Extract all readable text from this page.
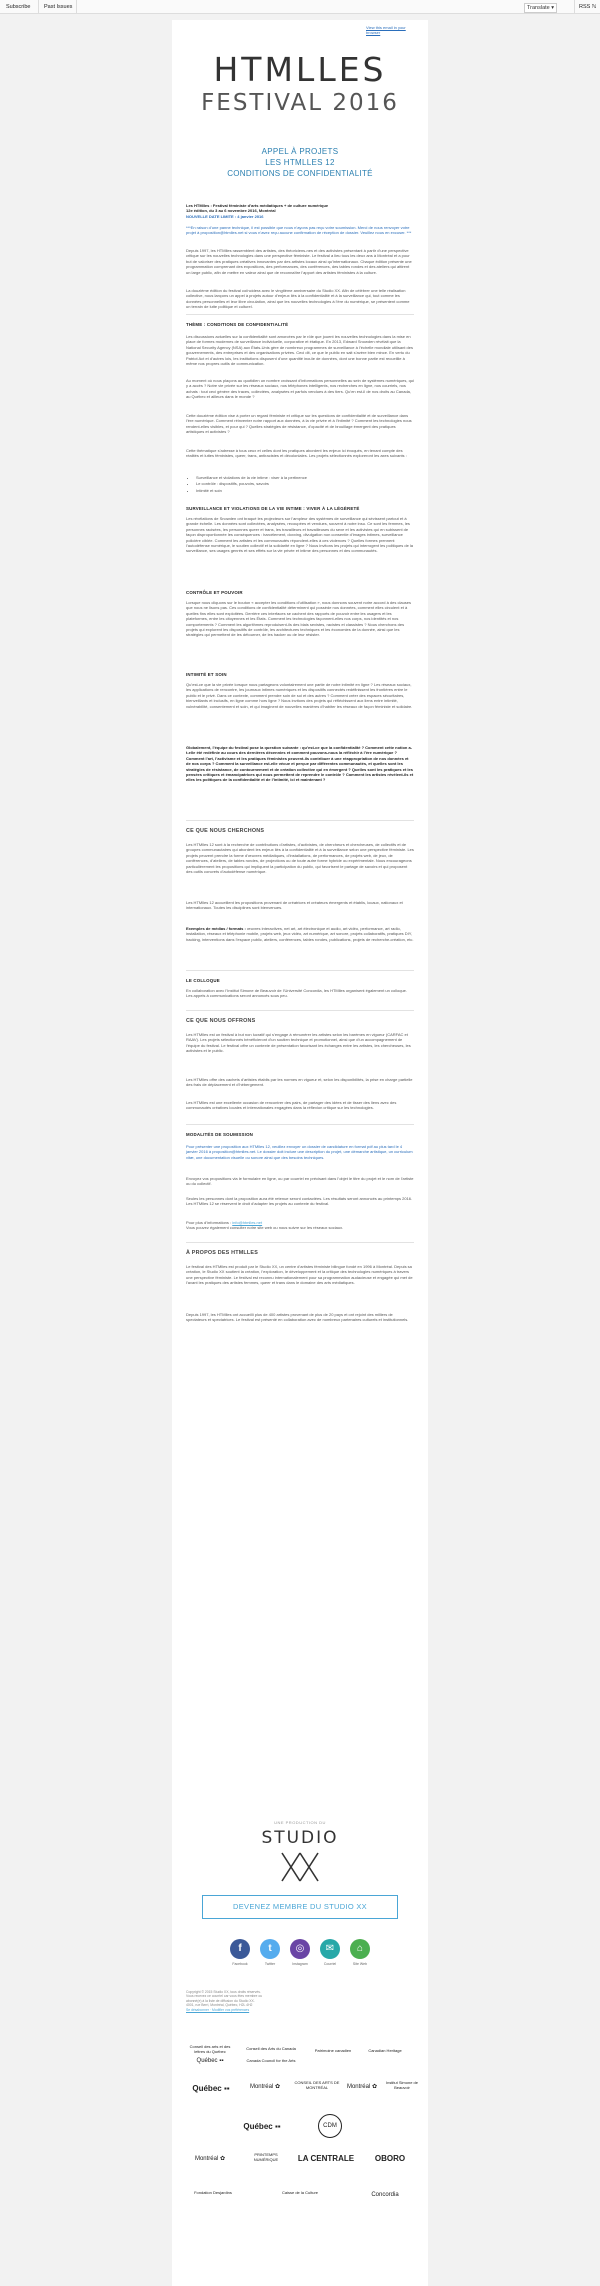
Subscribe Past Issues	Translate ▾	RSS ℕ
View this email in your browser
HTMLLES
FESTIVAL 2016
APPEL À PROJETS
LES HTMLLES 12
CONDITIONS DE CONFIDENTIALITÉ
Les HTMlles : Festival féministe d’arts médiatiques + de culture numérique
12e édition, du 3 au 6 novembre 2016, Montréal
NOUVELLE DATE LIMITE : 4 janvier 2016
***En raison d’une panne technique, il est possible que nous n’ayons pas reçu votre soumission. Merci de nous renvoyer votre projet à proposition@htmlles.net si vous n’avez reçu aucune confirmation de réception de dossier. Veuillez nous en excuser. ***
Depuis 1997, les HTMlles rassemblent des artistes, des théoriciens-nes et des activistes présentant à partir d’une perspective critique sur les nouvelles technologies dans une perspective féministe. Le festival a lieu tous les deux ans à Montréal et a pour but de valoriser des pratiques créatives innovantes par des artistes locaux ainsi qu’internationaux. Chaque édition présente une programmation comprenant des expositions, des performances, des conférences, des tables rondes et des ateliers qui attirent un large public, afin de mettre en valeur ainsi que de reconnaître l’apport des artistes féministes à la culture.
La douzième édition du festival coïncidera avec le vingtième anniversaire du Studio XX. Afin de célébrer une telle réalisation collective, nous lançons un appel à projets autour d’enjeux liés à la confidentialité et à la surveillance qui, tout comme les données personnelles et leur libre circulation, ainsi que les nouvelles technologies à l’ère du numérique, se présentent comme un terrain de lutte politique et culturel.
THÈME : CONDITIONS DE CONFIDENTIALITÉ
Les discussions actuelles sur la confidentialité sont amorcées par le rôle que jouent les nouvelles technologies dans la mise en place de formes modernes de surveillance individuelle, corporative et étatique. En 2013, Edward Snowden révélait que la National Security Agency (NSA) aux États-Unis gère de nombreux programmes de surveillance à l’échelle mondiale utilisant des gouvernements, des entreprises et des organisations privées. Ceci dit, ce que le public en sait s’avère bien mince. En vertu du Patriot Act et d’autres lois, les institutions disposent d’une quantité inouïe de données, dont une bonne partie est recueillie à même nos propres outils de communication.
Au moment où nous plaçons au quotidien un nombre croissant d’informations personnelles au sein de systèmes numériques, qui y a accès ? Notre vie privée sur les réseaux sociaux, nos téléphones intelligents, nos recherches en ligne, nos courriels, nos achats : tout ceci génère des traces, collectées, analysées et parfois vendues à des tiers. Qu’en est-il de nos droits au Canada, au Québec et ailleurs dans le monde ?
Cette douzième édition vise à porter un regard féministe et critique sur les questions de confidentialité et de surveillance dans l’ère numérique. Comment réinventer notre rapport aux données, à la vie privée et à l’intimité ? Comment les technologies nous rendent-elles visibles, et pour qui ? Quelles stratégies de résistance, d’opacité et de brouillage émergent des pratiques artistiques et activistes ?
Cette thématique s’adresse à tous ceux et celles dont les pratiques abordent les enjeux ici évoqués, en tenant compte des réalités et luttes féministes, queer, trans, antiracistes et décoloniales. Les projets sélectionnés exploreront les axes suivants :
• Surveillance et violations de la vie intime : viser à la pertinence
• Le contrôle : dispositifs, pouvoirs, savoirs
• Intimité et soin
SURVEILLANCE ET VIOLATIONS DE LA VIE INTIME : VIVER À LA LÉGÈRETÉ
Les révélations de Snowden ont braqué les projecteurs sur l’ampleur des systèmes de surveillance qui sévissent partout et à grande échelle. Les données sont collectées, analysées, recoupées et vendues, souvent à notre insu. Ce sont les femmes, les personnes racisées, les personnes queer et trans, les travailleurs et travailleuses du sexe et les activistes qui en subissent de façon disproportionnée les conséquences : harcèlement, doxxing, divulgation non consentie d’images intimes, surveillance policière ciblée. Comment les artistes et les communautés répondent-elles à ces violences ? Quelles formes prennent l’autodéfense numérique, le soutien collectif et la solidarité en ligne ? Nous invitons les projets qui interrogent les politiques de la surveillance, ses usages genrés et ses effets sur la vie privée et intime des personnes et des communautés.
CONTRÔLE ET POUVOIR
Lorsque nous cliquons sur le bouton « accepter les conditions d’utilisation », nous donnons souvent notre accord à des clauses que nous ne lisons pas. Ces conditions de confidentialité déterminent qui possède nos données, comment elles circulent et à quelles fins elles sont exploitées. Derrière ces interfaces se cachent des rapports de pouvoir entre les usagers et les plateformes, entre les citoyennes et les États. Comment les technologies façonnent-elles nos corps, nos identités et nos comportements ? Comment les algorithmes reproduisent-ils des biais sexistes, racistes et classistes ? Nous cherchons des projets qui explorent les dispositifs de contrôle, les architectures techniques et les économies de la donnée, ainsi que les stratégies qui permettent de les détourner, de les hacker ou de leur résister.
INTIMITÉ ET SOIN
Qu’est-ce que la vie privée lorsque nous partageons volontairement une partie de notre intimité en ligne ? Les réseaux sociaux, les applications de rencontre, les journaux intimes numériques et les dispositifs connectés redéfinissent les frontières entre le public et le privé. Dans ce contexte, comment prendre soin de soi et des autres ? Comment créer des espaces sécuritaires, bienveillants et inclusifs, en ligne comme hors ligne ? Nous invitons des projets qui réfléchissent aux liens entre intimité, vulnérabilité, consentement et soin, et qui imaginent de nouvelles manières d’habiter les réseaux de façon féministe et solidaire.
Globalement, l’équipe du festival pose la question suivante : qu’est-ce que la confidentialité ? Comment cette notion a-t-elle été redéfinie au cours des dernières décennies et comment pouvons-nous la réfléchir à l’ère numérique ? Comment l’art, l’activisme et les pratiques féministes peuvent-ils contribuer à une réappropriation de nos données et de nos corps ? Comment la surveillance est-elle vécue et perçue par différentes communautés, et quelles sont les stratégies de résistance, de contournement et de création collective qui en émergent ? Quelles sont les pratiques et les pensées critiques et émancipatrices qui nous permettent de reprendre le contrôle ? Comment les artistes révèlent-ils et elles les politiques de la confidentialité et de l’intimité, ici et maintenant ?
CE QUE NOUS CHERCHONS
Les HTMlles 12 sont à la recherche de contributions d’artistes, d’activistes, de chercheurs et chercheuses, de collectifs et de groupes communautaires qui abordent les enjeux liés à la confidentialité et à la surveillance selon une perspective féministe. Les projets peuvent prendre la forme d’œuvres médiatiques, d’installations, de performances, de projets web, de jeux, de conférences, d’ateliers, de tables rondes, de projections ou de toute autre forme hybride ou expérimentale. Nous encourageons particulièrement les propositions qui impliquent la participation du public, qui favorisent le partage de savoirs et qui proposent des outils concrets d’autodéfense numérique.
Les HTMlles 12 accueillent les propositions provenant de créatrices et créateurs émergents et établis, locaux, nationaux et internationaux. Toutes les disciplines sont bienvenues.
Exemples de médias / formats : œuvres interactives, net art, art électronique et audio, art vidéo, performance, art radio, installation, réseaux et téléphonie mobile, projets web, jeux vidéo, art numérique, art sonore, projets collaboratifs, pratiques DIY, hacking, interventions dans l’espace public, ateliers, conférences, tables rondes, publications, projets de recherche-création, etc.
LE COLLOQUE
En collaboration avec l’Institut Simone de Beauvoir de l’Université Concordia, les HTMlles organisent également un colloque. Les appels à communications seront annoncés sous peu.
CE QUE NOUS OFFRONS
Les HTMlles est un festival à but non lucratif qui s’engage à rémunérer les artistes selon les barèmes en vigueur (CARFAC et RAAV). Les projets sélectionnés bénéficieront d’un soutien technique et promotionnel, ainsi que d’un accompagnement de l’équipe du festival. Le festival offre un contexte de présentation favorisant les échanges entre les artistes, les chercheuses, les activistes et le public.
Les HTMlles offre des cachets d’artistes établis par les normes en vigueur et, selon les disponibilités, la prise en charge partielle des frais de déplacement et d’hébergement.
Les HTMlles est une excellente occasion de rencontrer des pairs, de partager des idées et de tisser des liens avec des communautés créatives locales et internationales engagées dans la réflexion critique sur les technologies.
MODALITÉS DE SOUMISSION
Pour présenter une proposition aux HTMlles 12, veuillez envoyer un dossier de candidature en format pdf au plus tard le 4 janvier 2016 à proposition@htmlles.net. Le dossier doit inclure une description du projet, une démarche artistique, un curriculum vitæ, une documentation visuelle ou sonore ainsi que des besoins techniques.
Envoyez vos propositions via le formulaire en ligne, ou par courriel en précisant dans l’objet le titre du projet et le nom de l’artiste ou du collectif.
Seules les personnes dont la proposition aura été retenue seront contactées. Les résultats seront annoncés au printemps 2016. Les HTMlles 12 se réservent le droit d’adapter les projets au contexte du festival.
Pour plus d’informations : info@htmlles.net
Vous pouvez également consulter notre site web ou nous suivre sur les réseaux sociaux.
À PROPOS DES HTMLLES
Le festival des HTMlles est produit par le Studio XX, un centre d’artistes féministe bilingue fondé en 1996 à Montréal. Depuis sa création, le Studio XX soutient la création, l’exploration, le développement et la critique des technologies numériques à travers une perspective féministe. Le festival est reconnu internationalement pour sa programmation audacieuse et engagée qui met de l’avant les pratiques des artistes femmes, queer et trans dans le domaine des arts médiatiques.
Depuis 1997, les HTMlles ont accueilli plus de 400 artistes provenant de plus de 20 pays et ont rejoint des milliers de spectateurs et spectatrices. Le festival est présenté en collaboration avec de nombreux partenaires culturels et institutionnels.
UNE PRODUCTION DU
STUDIO
DEVENEZ MEMBRE DU STUDIO XX
f
Facebook
t
Twitter
◎
Instagram
✉
Courriel
⌂
Site Web
Copyright © 2015 Studio XX, tous droits réservés.
Vous recevez ce courriel car vous êtes membre ou
abonné(e) à la liste de diffusion du Studio XX.
4001, rue Berri, Montréal, Québec, H2L 4H2
Se désabonner · Modifier vos préférences
Conseil des arts et des lettres du Québec
Québec ▪▪
Conseil des Arts du Canada
Canada Council for the Arts
Patrimoine canadien	Canadian Heritage
Québec ▪▪	Montréal ✿
CONSEIL DES ARTS DE MONTRÉAL	Montréal ✿
Institut Simone de Beauvoir
Québec ▪▪	CDM
Montréal ✿
PRINTEMPS NUMÉRIQUE	LA CENTRALE	OBORO
Fondation Desjardins	Caisse de la Culture	Concordia
